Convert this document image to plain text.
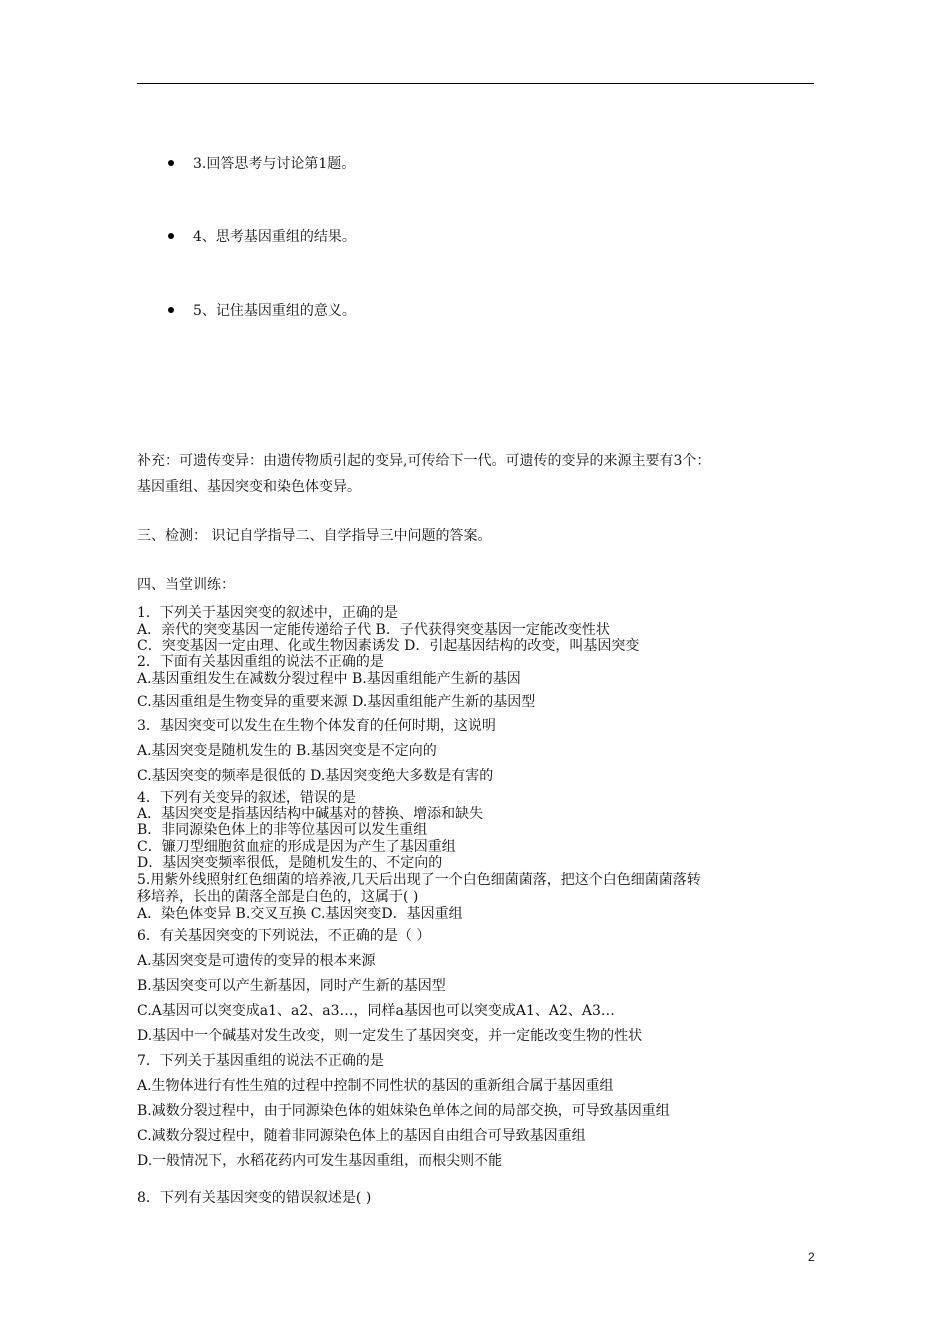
3.回答思考与讨论第1题。
4、思考基因重组的结果。
5、记住基因重组的意义。
补充：可遗传变异：由遗传物质引起的变异,可传给下一代。可遗传的变异的来源主要有3个：
基因重组、基因突变和染色体变异。
三、检测： 识记自学指导二、自学指导三中问题的答案。
四、当堂训练：
1．下列关于基因突变的叙述中，正确的是
A．亲代的突变基因一定能传递给子代 B．子代获得突变基因一定能改变性状
C．突变基因一定由理、化或生物因素诱发 D．引起基因结构的改变，叫基因突变
2．下面有关基因重组的说法不正确的是
A.基因重组发生在减数分裂过程中 B.基因重组能产生新的基因
C.基因重组是生物变异的重要来源 D.基因重组能产生新的基因型
3．基因突变可以发生在生物个体发育的任何时期，这说明
A.基因突变是随机发生的 B.基因突变是不定向的
C.基因突变的频率是很低的 D.基因突变绝大多数是有害的
4．下列有关变异的叙述，错误的是
A．基因突变是指基因结构中碱基对的替换、增添和缺失
B．非同源染色体上的非等位基因可以发生重组
C．镰刀型细胞贫血症的形成是因为产生了基因重组
D．基因突变频率很低，是随机发生的、不定向的
5.用紫外线照射红色细菌的培养液,几天后出现了一个白色细菌菌落，把这个白色细菌菌落转
移培养，长出的菌落全部是白色的，这属于( )
A．染色体变异 B.交叉互换 C.基因突变D．基因重组
6．有关基因突变的下列说法，不正确的是（ ）
A.基因突变是可遗传的变异的根本来源
B.基因突变可以产生新基因，同时产生新的基因型
C.A基因可以突变成a1、a2、a3…，同样a基因也可以突变成A1、A2、A3…
D.基因中一个碱基对发生改变，则一定发生了基因突变，并一定能改变生物的性状
7．下列关于基因重组的说法不正确的是
A.生物体进行有性生殖的过程中控制不同性状的基因的重新组合属于基因重组
B.减数分裂过程中，由于同源染色体的姐妹染色单体之间的局部交换，可导致基因重组
C.减数分裂过程中，随着非同源染色体上的基因自由组合可导致基因重组
D.一般情况下，水稻花药内可发生基因重组，而根尖则不能
8．下列有关基因突变的错误叙述是( )
2
